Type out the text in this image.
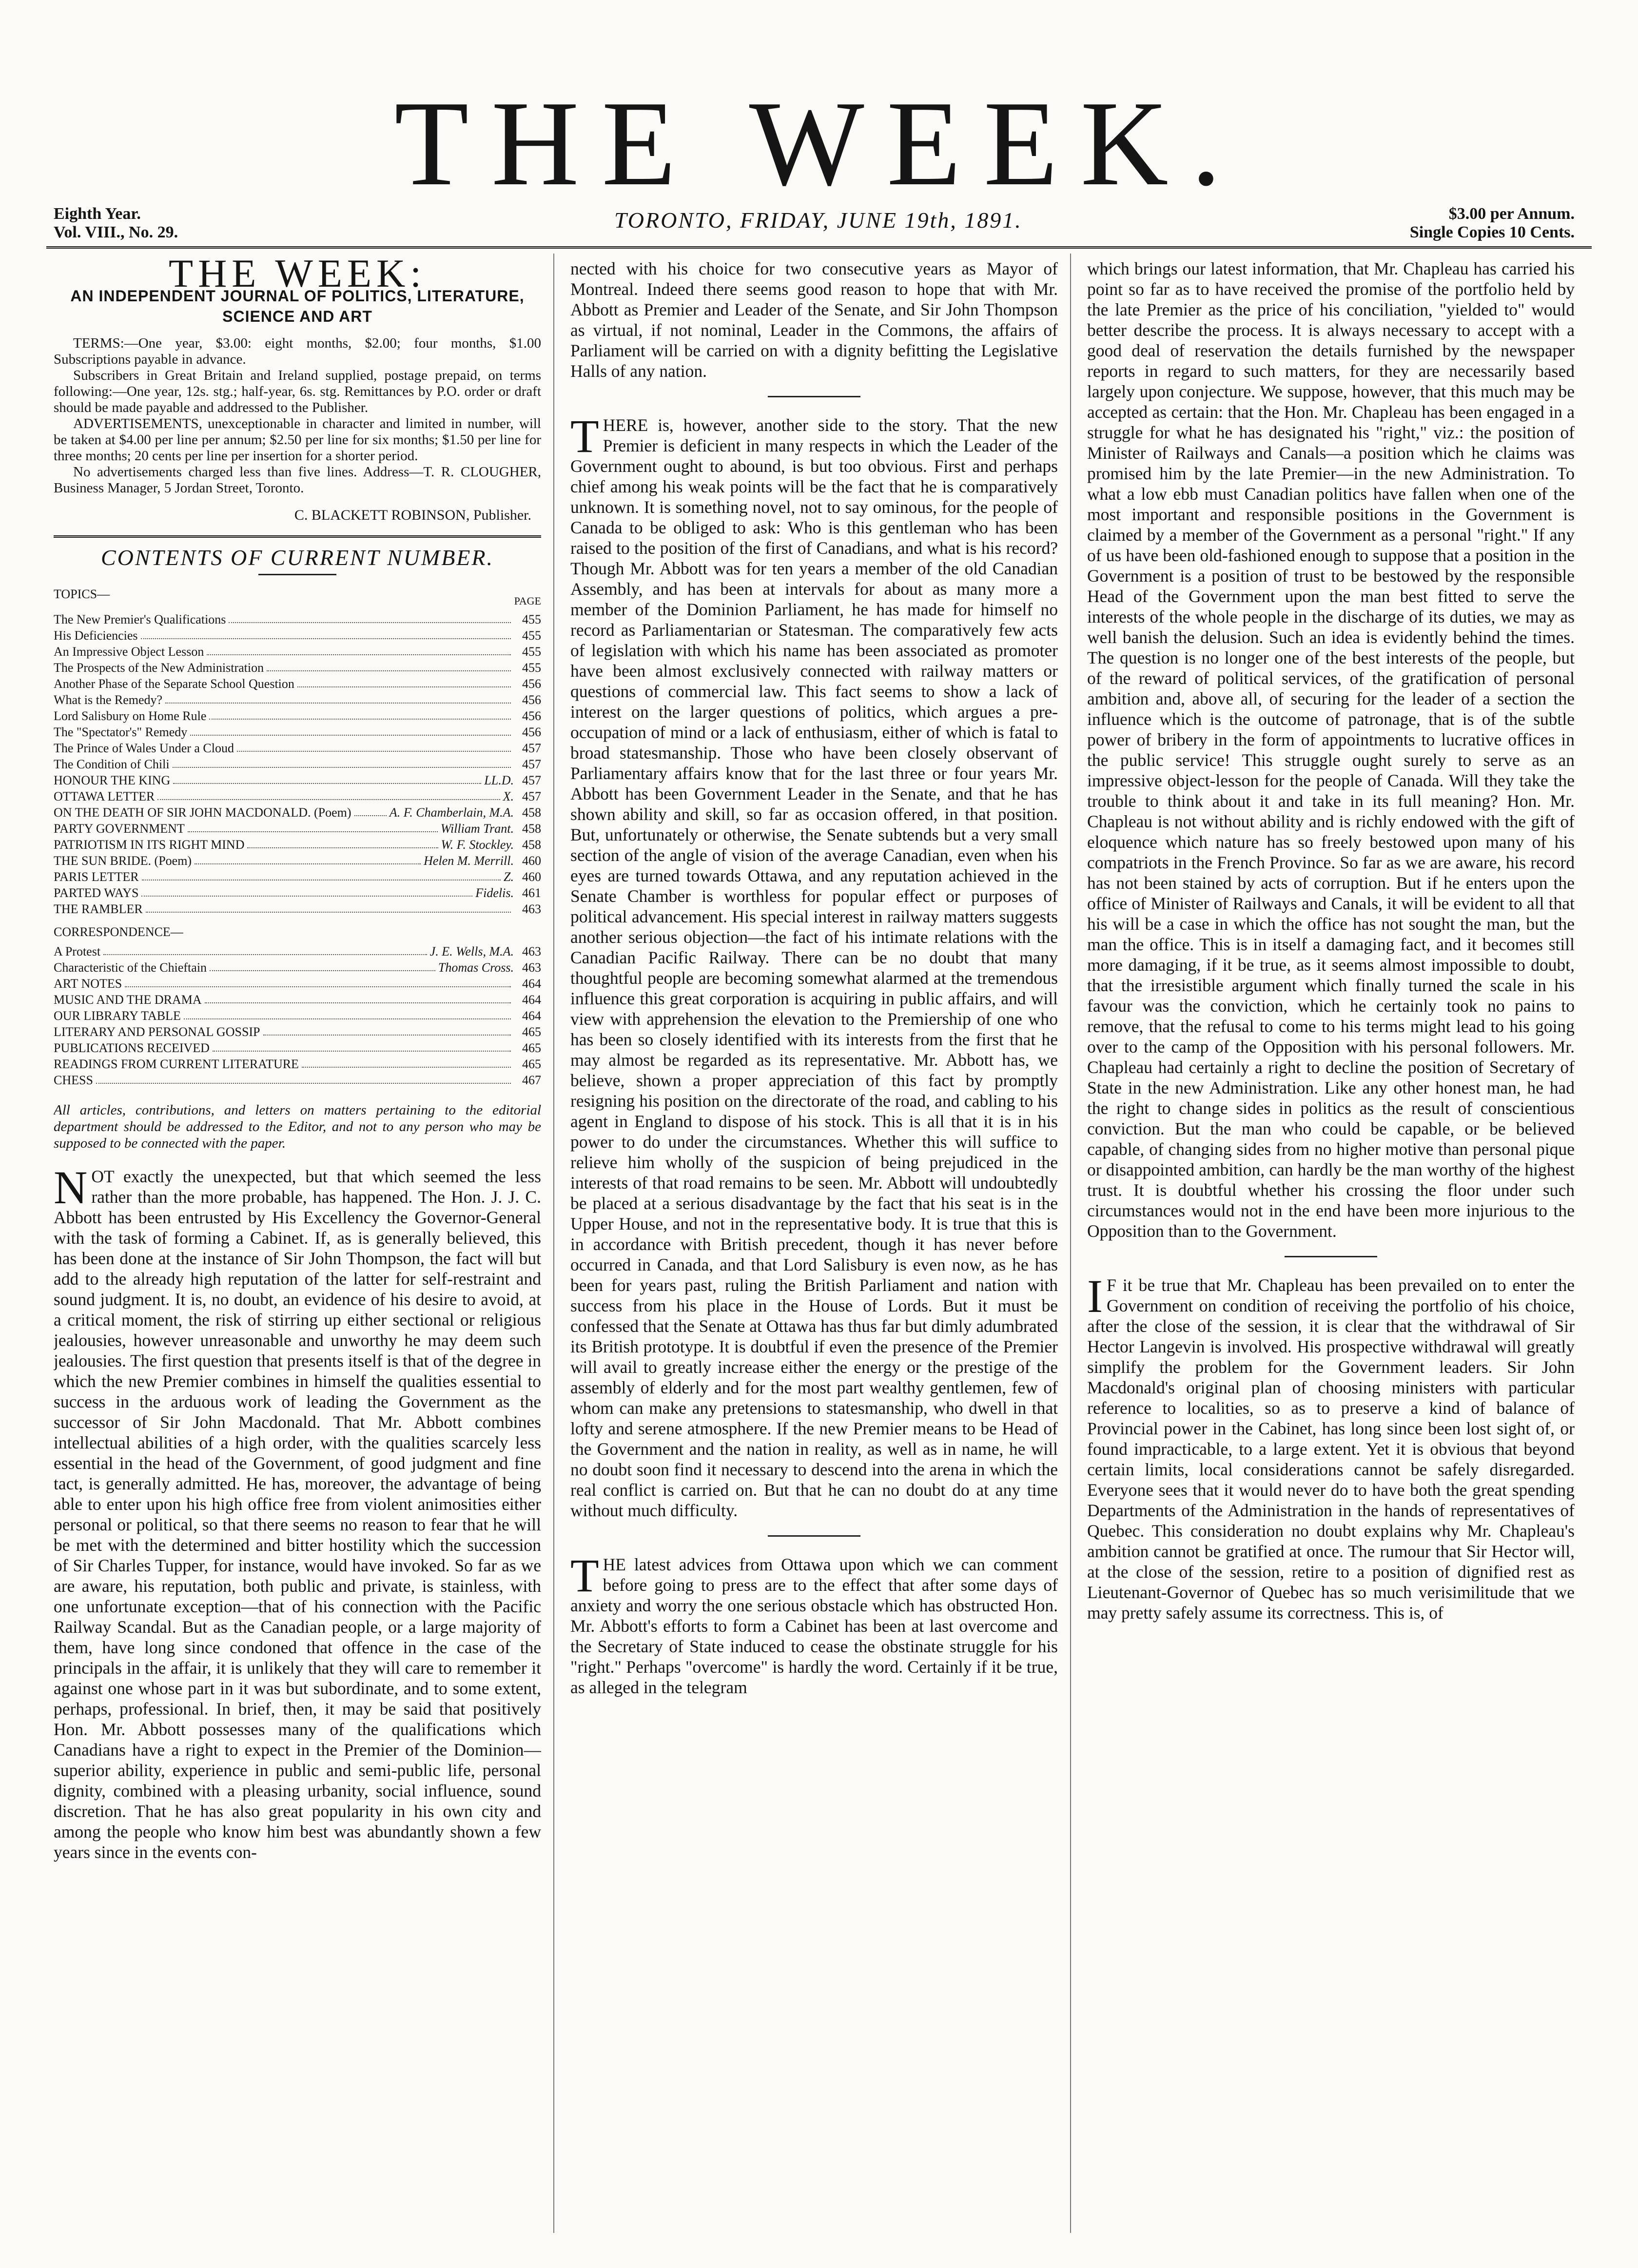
THE WEEK.
Eighth Year.
Vol. VIII., No. 29.	TORONTO, FRIDAY, JUNE 19th, 1891.	$3.00 per Annum.
Single Copies 10 Cents.
THE WEEK:
AN INDEPENDENT JOURNAL OF POLITICS, LITERATURE, SCIENCE AND ART

TERMS:—One year, $3.00: eight months, $2.00; four months, $1.00 Subscriptions payable in advance.

Subscribers in Great Britain and Ireland supplied, postage prepaid, on terms following:—One year, 12s. stg.; half-year, 6s. stg. Remittances by P.O. order or draft should be made payable and addressed to the Publisher.

ADVERTISEMENTS, unexceptionable in character and limited in number, will be taken at $4.00 per line per annum; $2.50 per line for six months; $1.50 per line for three months; 20 cents per line per insertion for a shorter period.

No advertisements charged less than five lines. Address—T. R. CLOUGHER, Business Manager, 5 Jordan Street, Toronto.

C. BLACKETT ROBINSON, Publisher.
CONTENTS OF CURRENT NUMBER.
TOPICS—	PAGE
The New Premier's Qualifications	455
His Deficiencies	455
An Impressive Object Lesson	455
The Prospects of the New Administration	455
Another Phase of the Separate School Question	456
What is the Remedy?	456
Lord Salisbury on Home Rule	456
The "Spectator's" Remedy	456
The Prince of Wales Under a Cloud	457
The Condition of Chili	457
HONOUR THE KING	LL.D. 457
OTTAWA LETTER	X. 457
ON THE DEATH OF SIR JOHN MACDONALD. (Poem)	A. F. Chamberlain, M.A. 458
PARTY GOVERNMENT	William Trant. 458
PATRIOTISM IN ITS RIGHT MIND	W. F. Stockley. 458
THE SUN BRIDE. (Poem)	Helen M. Merrill. 460
PARIS LETTER	Z. 460
PARTED WAYS	Fidelis. 461
THE RAMBLER	463
CORRESPONDENCE—
A Protest	J. E. Wells, M.A. 463
Characteristic of the Chieftain	Thomas Cross. 463
ART NOTES	464
MUSIC AND THE DRAMA	464
OUR LIBRARY TABLE	464
LITERARY AND PERSONAL GOSSIP	465
PUBLICATIONS RECEIVED	465
READINGS FROM CURRENT LITERATURE	465
CHESS	467
All articles, contributions, and letters on matters pertaining to the editorial department should be addressed to the Editor, and not to any person who may be supposed to be connected with the paper.

NOT exactly the unexpected, but that which seemed the less rather than the more probable, has happened. The Hon. J. J. C. Abbott has been entrusted by His Excellency the Governor-General with the task of forming a Cabinet. If, as is generally believed, this has been done at the instance of Sir John Thompson, the fact will but add to the already high reputation of the latter for self-restraint and sound judgment. It is, no doubt, an evidence of his desire to avoid, at a critical moment, the risk of stirring up either sectional or religious jealousies, however unreasonable and unworthy he may deem such jealousies. The first question that presents itself is that of the degree in which the new Premier combines in himself the qualities essential to success in the arduous work of leading the Government as the successor of Sir John Macdonald. That Mr. Abbott combines intellectual abilities of a high order, with the qualities scarcely less essential in the head of the Government, of good judgment and fine tact, is generally admitted. He has, moreover, the advantage of being able to enter upon his high office free from violent animosities either personal or political, so that there seems no reason to fear that he will be met with the determined and bitter hostility which the succession of Sir Charles Tupper, for instance, would have invoked. So far as we are aware, his reputation, both public and private, is stainless, with one unfortunate exception—that of his connection with the Pacific Railway Scandal. But as the Canadian people, or a large majority of them, have long since condoned that offence in the case of the principals in the affair, it is unlikely that they will care to remember it against one whose part in it was but subordinate, and to some extent, perhaps, professional. In brief, then, it may be said that positively Hon. Mr. Abbott possesses many of the qualifications which Canadians have a right to expect in the Premier of the Dominion—superior ability, experience in public and semi-public life, personal dignity, combined with a pleasing urbanity, social influence, sound discretion. That he has also great popularity in his own city and among the people who know him best was abundantly shown a few years since in the events con-

nected with his choice for two consecutive years as Mayor of Montreal. Indeed there seems good reason to hope that with Mr. Abbott as Premier and Leader of the Senate, and Sir John Thompson as virtual, if not nominal, Leader in the Commons, the affairs of Parliament will be carried on with a dignity befitting the Legislative Halls of any nation.

THERE is, however, another side to the story. That the new Premier is deficient in many respects in which the Leader of the Government ought to abound, is but too obvious. First and perhaps chief among his weak points will be the fact that he is comparatively unknown. It is something novel, not to say ominous, for the people of Canada to be obliged to ask: Who is this gentleman who has been raised to the position of the first of Canadians, and what is his record? Though Mr. Abbott was for ten years a member of the old Canadian Assembly, and has been at intervals for about as many more a member of the Dominion Parliament, he has made for himself no record as Parliamentarian or Statesman. The comparatively few acts of legislation with which his name has been associated as promoter have been almost exclusively connected with railway matters or questions of commercial law. This fact seems to show a lack of interest on the larger questions of politics, which argues a pre-occupation of mind or a lack of enthusiasm, either of which is fatal to broad statesmanship. Those who have been closely observant of Parliamentary affairs know that for the last three or four years Mr. Abbott has been Government Leader in the Senate, and that he has shown ability and skill, so far as occasion offered, in that position. But, unfortunately or otherwise, the Senate subtends but a very small section of the angle of vision of the average Canadian, even when his eyes are turned towards Ottawa, and any reputation achieved in the Senate Chamber is worthless for popular effect or purposes of political advancement. His special interest in railway matters suggests another serious objection—the fact of his intimate relations with the Canadian Pacific Railway. There can be no doubt that many thoughtful people are becoming somewhat alarmed at the tremendous influence this great corporation is acquiring in public affairs, and will view with apprehension the elevation to the Premiership of one who has been so closely identified with its interests from the first that he may almost be regarded as its representative. Mr. Abbott has, we believe, shown a proper appreciation of this fact by promptly resigning his position on the directorate of the road, and cabling to his agent in England to dispose of his stock. This is all that it is in his power to do under the circumstances. Whether this will suffice to relieve him wholly of the suspicion of being prejudiced in the interests of that road remains to be seen. Mr. Abbott will undoubtedly be placed at a serious disadvantage by the fact that his seat is in the Upper House, and not in the representative body. It is true that this is in accordance with British precedent, though it has never before occurred in Canada, and that Lord Salisbury is even now, as he has been for years past, ruling the British Parliament and nation with success from his place in the House of Lords. But it must be confessed that the Senate at Ottawa has thus far but dimly adumbrated its British prototype. It is doubtful if even the presence of the Premier will avail to greatly increase either the energy or the prestige of the assembly of elderly and for the most part wealthy gentlemen, few of whom can make any pretensions to statesmanship, who dwell in that lofty and serene atmosphere. If the new Premier means to be Head of the Government and the nation in reality, as well as in name, he will no doubt soon find it necessary to descend into the arena in which the real conflict is carried on. But that he can no doubt do at any time without much difficulty.

THE latest advices from Ottawa upon which we can comment before going to press are to the effect that after some days of anxiety and worry the one serious obstacle which has obstructed Hon. Mr. Abbott's efforts to form a Cabinet has been at last overcome and the Secretary of State induced to cease the obstinate struggle for his "right." Perhaps "overcome" is hardly the word. Certainly if it be true, as alleged in the telegram

which brings our latest information, that Mr. Chapleau has carried his point so far as to have received the promise of the portfolio held by the late Premier as the price of his conciliation, "yielded to" would better describe the process. It is always necessary to accept with a good deal of reservation the details furnished by the newspaper reports in regard to such matters, for they are necessarily based largely upon conjecture. We suppose, however, that this much may be accepted as certain: that the Hon. Mr. Chapleau has been engaged in a struggle for what he has designated his "right," viz.: the position of Minister of Railways and Canals—a position which he claims was promised him by the late Premier—in the new Administration. To what a low ebb must Canadian politics have fallen when one of the most important and responsible positions in the Government is claimed by a member of the Government as a personal "right." If any of us have been old-fashioned enough to suppose that a position in the Government is a position of trust to be bestowed by the responsible Head of the Government upon the man best fitted to serve the interests of the whole people in the discharge of its duties, we may as well banish the delusion. Such an idea is evidently behind the times. The question is no longer one of the best interests of the people, but of the reward of political services, of the gratification of personal ambition and, above all, of securing for the leader of a section the influence which is the outcome of patronage, that is of the subtle power of bribery in the form of appointments to lucrative offices in the public service! This struggle ought surely to serve as an impressive object-lesson for the people of Canada. Will they take the trouble to think about it and take in its full meaning? Hon. Mr. Chapleau is not without ability and is richly endowed with the gift of eloquence which nature has so freely bestowed upon many of his compatriots in the French Province. So far as we are aware, his record has not been stained by acts of corruption. But if he enters upon the office of Minister of Railways and Canals, it will be evident to all that his will be a case in which the office has not sought the man, but the man the office. This is in itself a damaging fact, and it becomes still more damaging, if it be true, as it seems almost impossible to doubt, that the irresistible argument which finally turned the scale in his favour was the conviction, which he certainly took no pains to remove, that the refusal to come to his terms might lead to his going over to the camp of the Opposition with his personal followers. Mr. Chapleau had certainly a right to decline the position of Secretary of State in the new Administration. Like any other honest man, he had the right to change sides in politics as the result of conscientious conviction. But the man who could be capable, or be believed capable, of changing sides from no higher motive than personal pique or disappointed ambition, can hardly be the man worthy of the highest trust. It is doubtful whether his crossing the floor under such circumstances would not in the end have been more injurious to the Opposition than to the Government.

I F it be true that Mr. Chapleau has been prevailed on to enter the Government on condition of receiving the portfolio of his choice, after the close of the session, it is clear that the withdrawal of Sir Hector Langevin is involved. His prospective withdrawal will greatly simplify the problem for the Government leaders. Sir John Macdonald's original plan of choosing ministers with particular reference to localities, so as to preserve a kind of balance of Provincial power in the Cabinet, has long since been lost sight of, or found impracticable, to a large extent. Yet it is obvious that beyond certain limits, local considerations cannot be safely disregarded. Everyone sees that it would never do to have both the great spending Departments of the Administration in the hands of representatives of Quebec. This consideration no doubt explains why Mr. Chapleau's ambition cannot be gratified at once. The rumour that Sir Hector will, at the close of the session, retire to a position of dignified rest as Lieutenant-Governor of Quebec has so much verisimilitude that we may pretty safely assume its correctness. This is, of
